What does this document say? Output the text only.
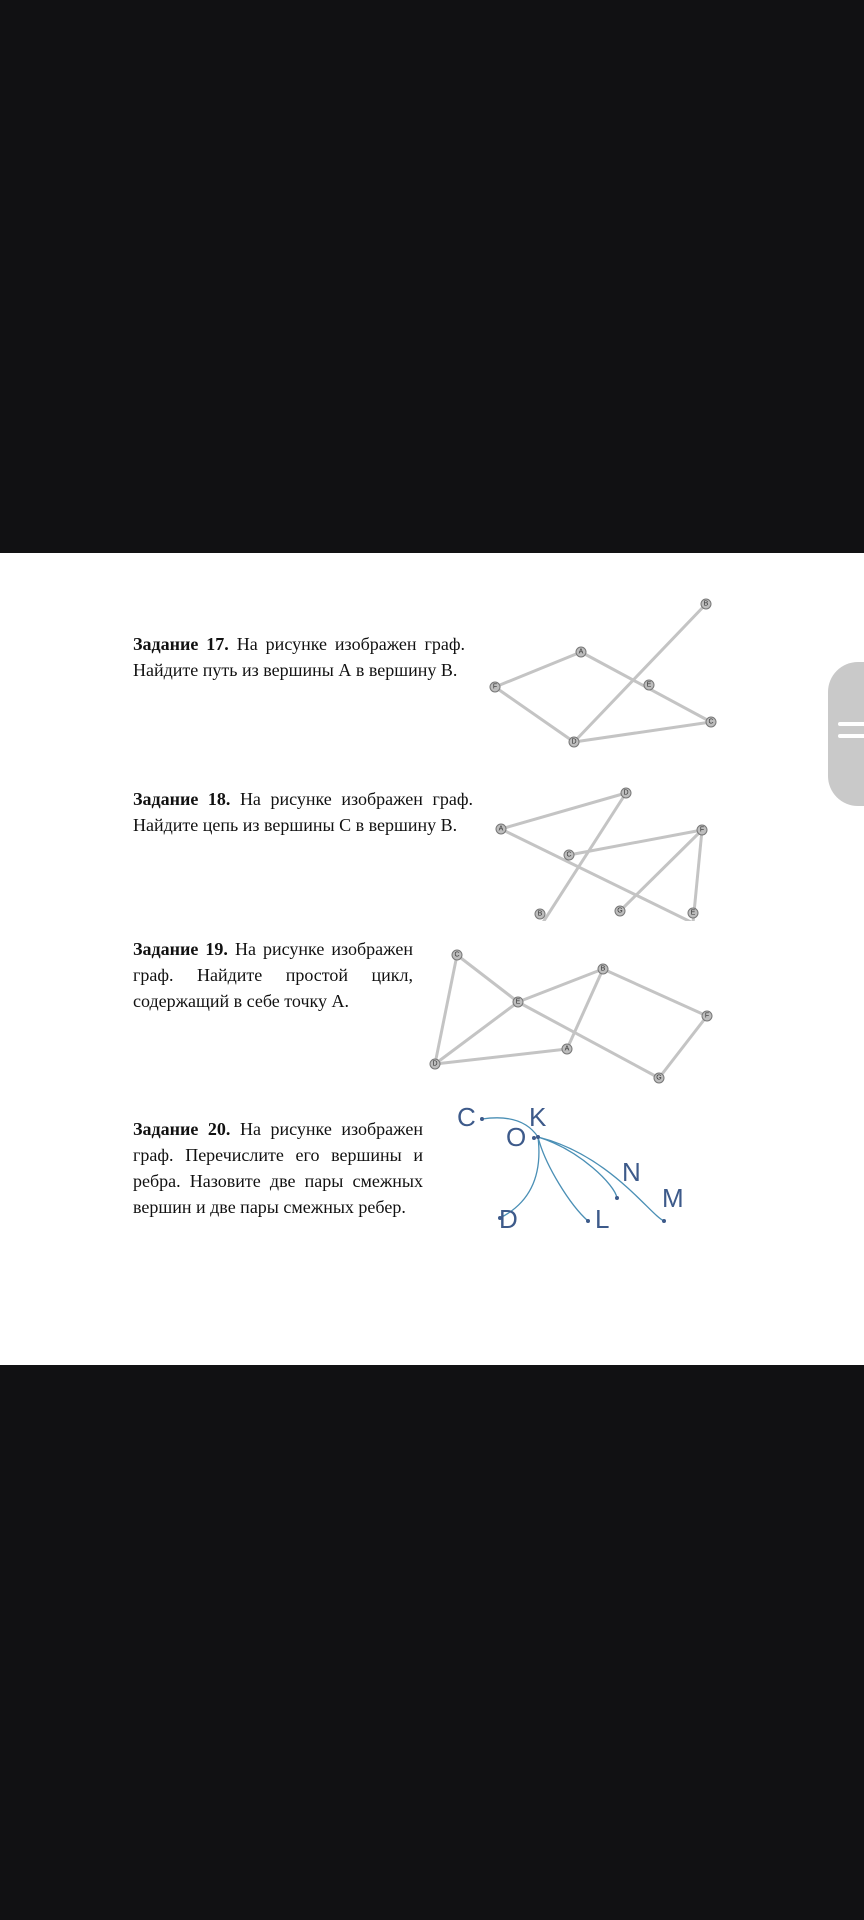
Задание 17. На рисунке изображен граф. Найдите путь из вершины А в вершину В.
B
A
E
F
C
D
Задание 18. На рисунке изображен граф. Найдите цепь из вершины С в вершину В.
D
A	F
C
G	E
B
Задание 19. На рисунке изображен граф. Найдите простой цикл, содержащий в себе точку А.
C
B
E
F
A
D
G
Задание 20. На рисунке изображен граф. Перечислите его вершины и ребра. Назовите две пары смежных вершин и две пары смежных ребер.
K
C
O
N
M
D	L
